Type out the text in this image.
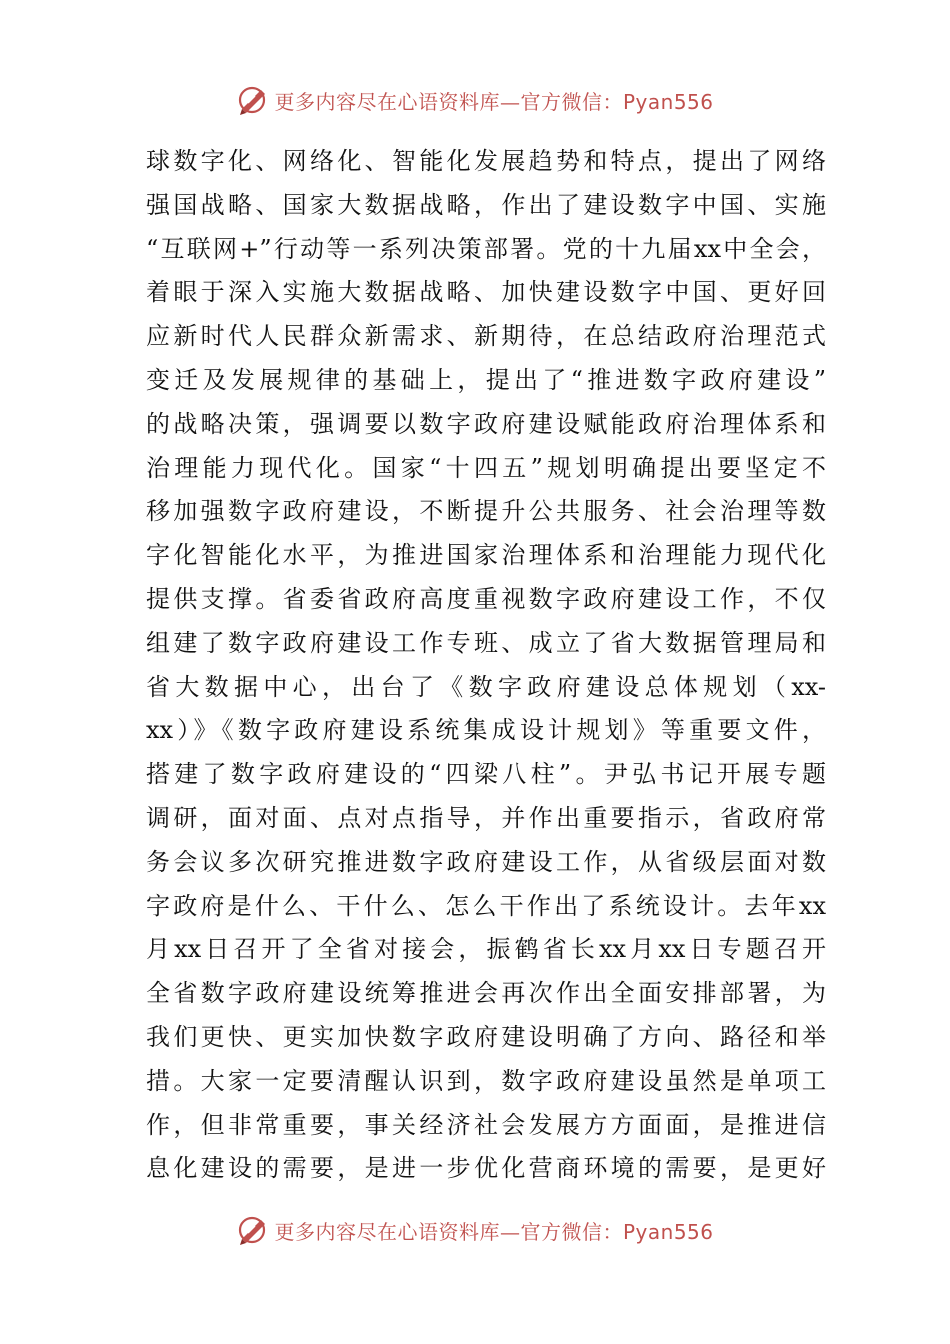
更多内容尽在心语资料库—官方微信：Pyan556
球数字化、网络化、智能化发展趋势和特点，提出了网络
强国战略、国家大数据战略，作出了建设数字中国、实施
“互联网+”行动等一系列决策部署。党的十九届xx中全会，
着眼于深入实施大数据战略、加快建设数字中国、更好回
应新时代人民群众新需求、新期待，在总结政府治理范式
变迁及发展规律的基础上，提出了“推进数字政府建设”
的战略决策，强调要以数字政府建设赋能政府治理体系和
治理能力现代化。国家“十四五”规划明确提出要坚定不
移加强数字政府建设，不断提升公共服务、社会治理等数
字化智能化水平，为推进国家治理体系和治理能力现代化
提供支撑。省委省政府高度重视数字政府建设工作，不仅
组建了数字政府建设工作专班、成立了省大数据管理局和
省大数据中心，出台了《数字政府建设总体规划（xx-
xx）》《数字政府建设系统集成设计规划》等重要文件，
搭建了数字政府建设的“四梁八柱”。尹弘书记开展专题
调研，面对面、点对点指导，并作出重要指示，省政府常
务会议多次研究推进数字政府建设工作，从省级层面对数
字政府是什么、干什么、怎么干作出了系统设计。去年xx
月xx日召开了全省对接会，振鹤省长xx月xx日专题召开
全省数字政府建设统筹推进会再次作出全面安排部署，为
我们更快、更实加快数字政府建设明确了方向、路径和举
措。大家一定要清醒认识到，数字政府建设虽然是单项工
作，但非常重要，事关经济社会发展方方面面，是推进信
息化建设的需要，是进一步优化营商环境的需要，是更好
更多内容尽在心语资料库—官方微信：Pyan556
